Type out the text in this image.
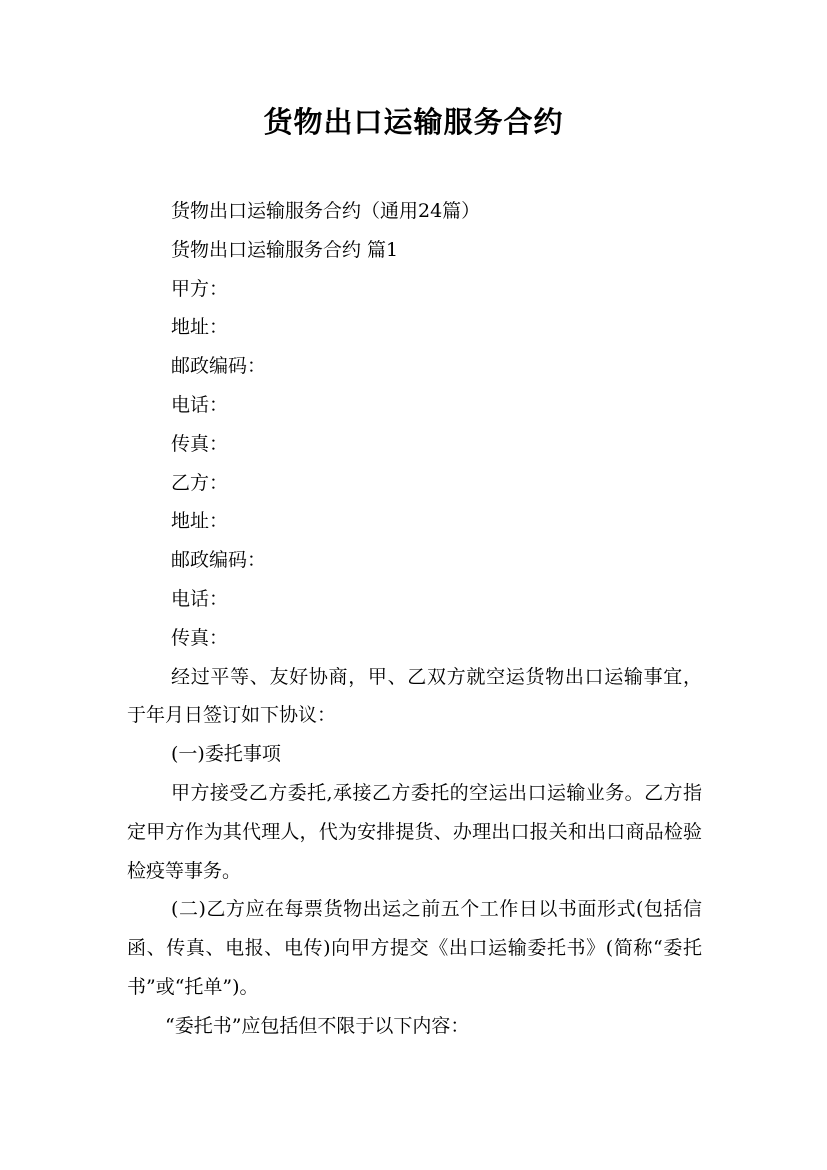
货物出口运输服务合约

货物出口运输服务合约（通用24篇）

货物出口运输服务合约 篇1

甲方：

地址：

邮政编码：

电话：

传真：

乙方：

地址：

邮政编码：

电话：

传真：

经过平等、友好协商，甲、乙双方就空运货物出口运输事宜，于年月日签订如下协议：

(一)委托事项

甲方接受乙方委托,承接乙方委托的空运出口运输业务。乙方指定甲方作为其代理人，代为安排提货、办理出口报关和出口商品检验检疫等事务。

(二)乙方应在每票货物出运之前五个工作日以书面形式(包括信函、传真、电报、电传)向甲方提交《出口运输委托书》(简称“委托书”或“托单”)。

“委托书”应包括但不限于以下内容：
